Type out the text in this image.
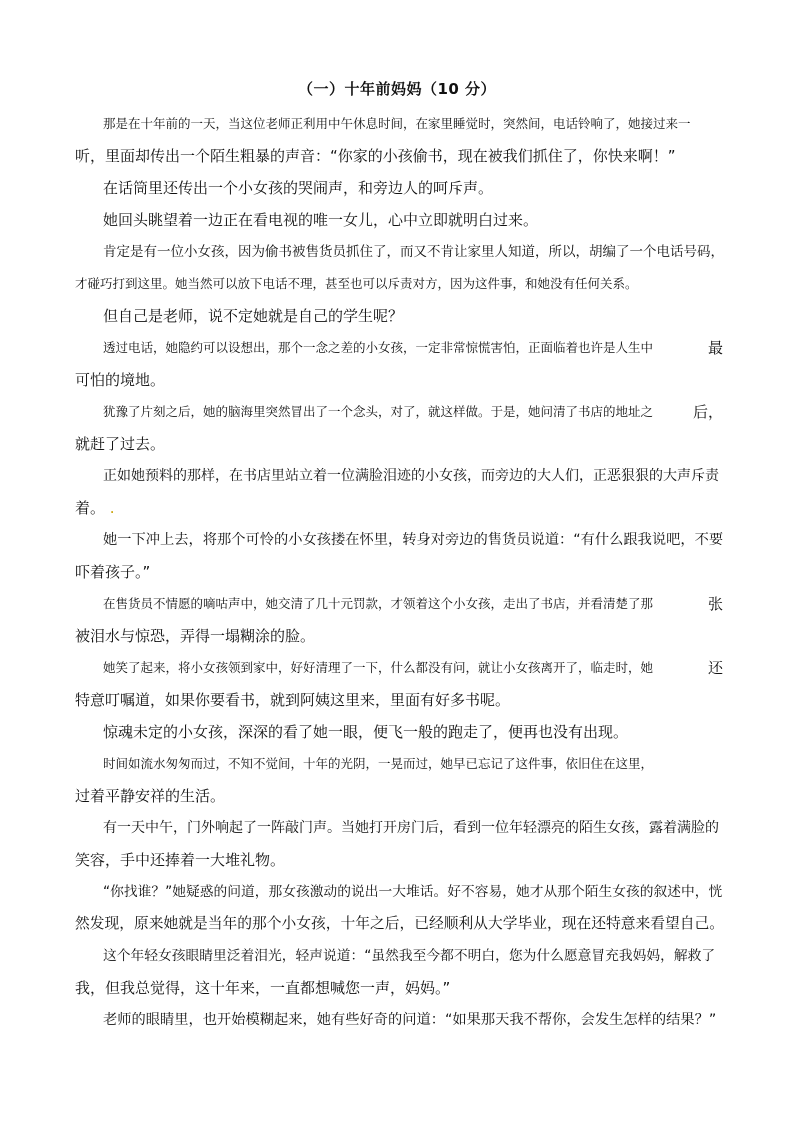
（一）十年前妈妈（10 分）
那是在十年前的一天，当这位老师正利用中午休息时间，在家里睡觉时，突然间，电话铃响了，她接过来一
听，里面却传出一个陌生粗暴的声音：“你家的小孩偷书，现在被我们抓住了，你快来啊！”
在话筒里还传出一个小女孩的哭闹声，和旁边人的呵斥声。
她回头眺望着一边正在看电视的唯一女儿，心中立即就明白过来。
肯定是有一位小女孩，因为偷书被售货员抓住了，而又不肯让家里人知道，所以，胡编了一个电话号码，
才碰巧打到这里。她当然可以放下电话不理，甚至也可以斥责对方，因为这件事，和她没有任何关系。
但自己是老师，说不定她就是自己的学生呢？
透过电话，她隐约可以设想出，那个一念之差的小女孩，一定非常惊慌害怕，正面临着也许是人生中	最
可怕的境地。
犹豫了片刻之后，她的脑海里突然冒出了一个念头，对了，就这样做。于是，她问清了书店的地址之	后，
就赶了过去。
正如她预料的那样，在书店里站立着一位满脸泪迹的小女孩，而旁边的大人们，正恶狠狠的大声斥责
着。 .
她一下冲上去，将那个可怜的小女孩搂在怀里，转身对旁边的售货员说道：“有什么跟我说吧，不要
吓着孩子。”
在售货员不情愿的嘀咕声中，她交清了几十元罚款，才领着这个小女孩，走出了书店，并看清楚了那	张
被泪水与惊恐，弄得一塌糊涂的脸。
她笑了起来，将小女孩领到家中，好好清理了一下，什么都没有问，就让小女孩离开了，临走时，她	还
特意叮嘱道，如果你要看书，就到阿姨这里来，里面有好多书呢。
惊魂未定的小女孩，深深的看了她一眼，便飞一般的跑走了，便再也没有出现。
时间如流水匆匆而过，不知不觉间，十年的光阴，一晃而过，她早已忘记了这件事，依旧住在这里，
过着平静安祥的生活。
有一天中午，门外响起了一阵敲门声。当她打开房门后，看到一位年轻漂亮的陌生女孩，露着满脸的
笑容，手中还捧着一大堆礼物。
“你找谁？”她疑惑的问道，那女孩激动的说出一大堆话。好不容易，她才从那个陌生女孩的叙述中，恍
然发现，原来她就是当年的那个小女孩，十年之后，已经顺利从大学毕业，现在还特意来看望自己。
这个年轻女孩眼睛里泛着泪光，轻声说道：“虽然我至今都不明白，您为什么愿意冒充我妈妈，解救了
我，但我总觉得，这十年来，一直都想喊您一声，妈妈。”
老师的眼睛里，也开始模糊起来，她有些好奇的问道：“如果那天我不帮你，会发生怎样的结果？”
